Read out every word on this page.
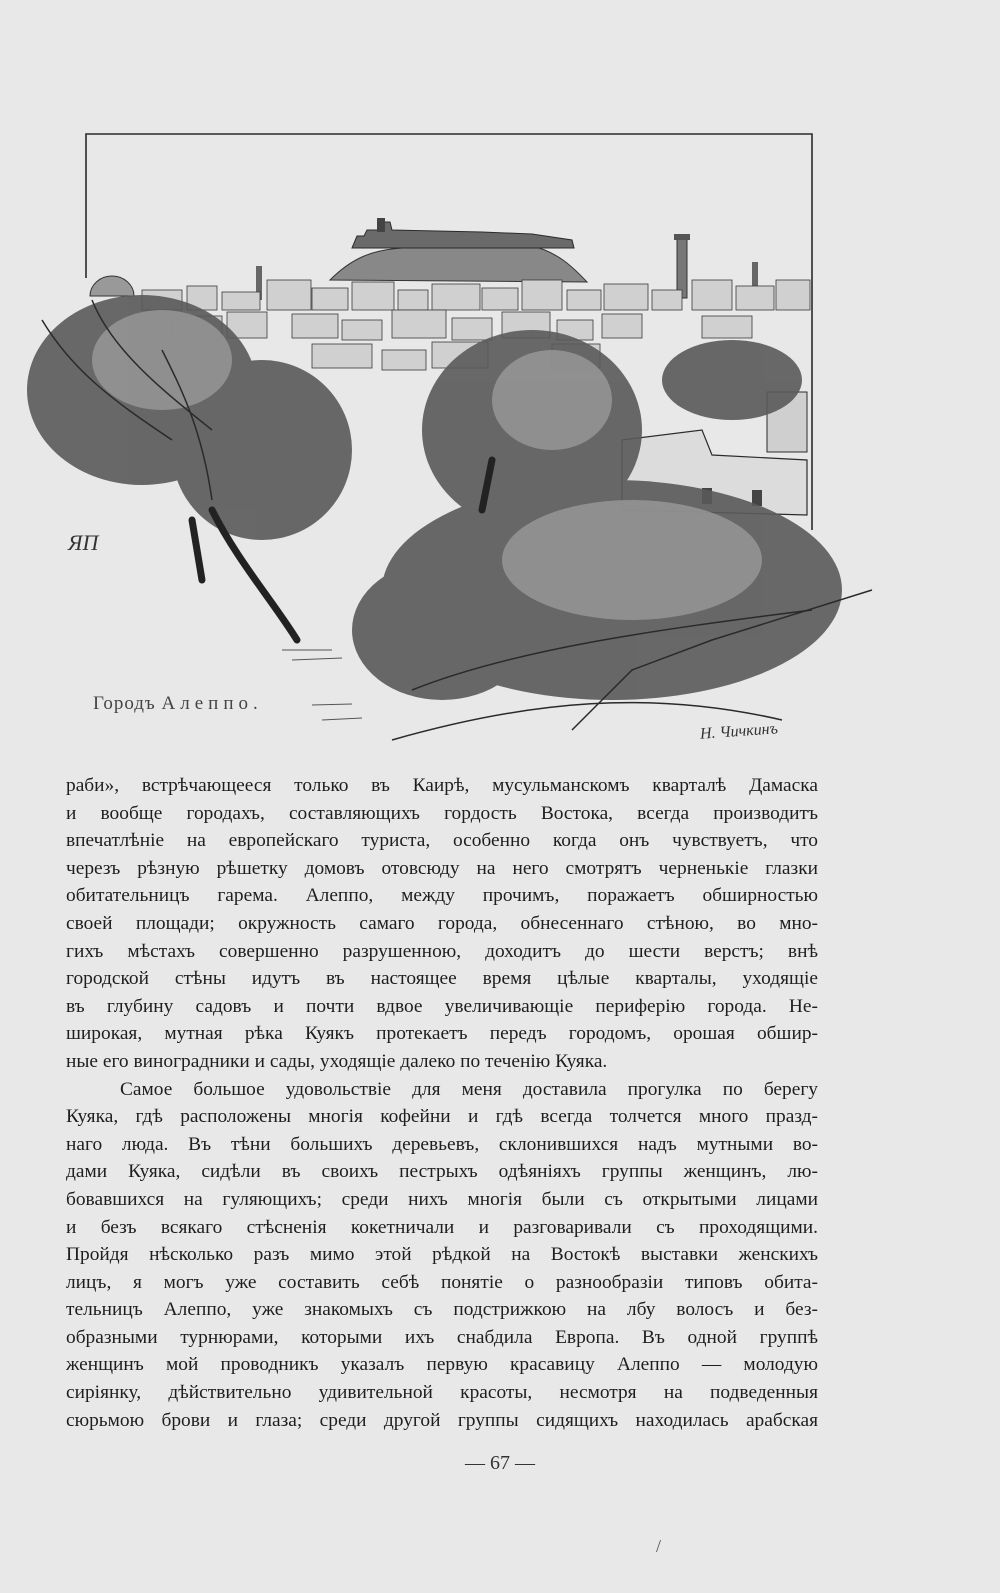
ЯП
Городъ Алеппо.
Н. Чичкинъ
раби», встрѣчающееся только въ Каирѣ, мусульманскомъ кварталѣ Дамаска
и вообще городахъ, составляющихъ гордость Востока, всегда производитъ
впечатлѣніе на европейскаго туриста, особенно когда онъ чувствуетъ, что
черезъ рѣзную рѣшетку домовъ отовсюду на него смотрятъ черненькіе глазки
обитательницъ гарема. Алеппо, между прочимъ, поражаетъ обширностью
своей площади; окружность самаго города, обнесеннаго стѣною, во мно-
гихъ мѣстахъ совершенно разрушенною, доходитъ до шести верстъ; внѣ
городской стѣны идутъ въ настоящее время цѣлые кварталы, уходящіе
въ глубину садовъ и почти вдвое увеличивающіе периферію города. Не-
широкая, мутная рѣка Куякъ протекаетъ передъ городомъ, орошая обшир-
ные его виноградники и сады, уходящіе далеко по теченію Куяка.
Самое большое удовольствіе для меня доставила прогулка по берегу
Куяка, гдѣ расположены многія кофейни и гдѣ всегда толчется много празд-
наго люда. Въ тѣни большихъ деревьевъ, склонившихся надъ мутными во-
дами Куяка, сидѣли въ своихъ пестрыхъ одѣяніяхъ группы женщинъ, лю-
бовавшихся на гуляющихъ; среди нихъ многія были съ открытыми лицами
и безъ всякаго стѣсненія кокетничали и разговаривали съ проходящими.
Пройдя нѣсколько разъ мимо этой рѣдкой на Востокѣ выставки женскихъ
лицъ, я могъ уже составить себѣ понятіе о разнообразіи типовъ обита-
тельницъ Алеппо, уже знакомыхъ съ подстрижкою на лбу волосъ и без-
образными турнюрами, которыми ихъ снабдила Европа. Въ одной группѣ
женщинъ мой проводникъ указалъ первую красавицу Алеппо — молодую
сиріянку, дѣйствительно удивительной красоты, несмотря на подведенныя
сюрьмою брови и глаза; среди другой группы сидящихъ находилась арабская
— 67 —
/
